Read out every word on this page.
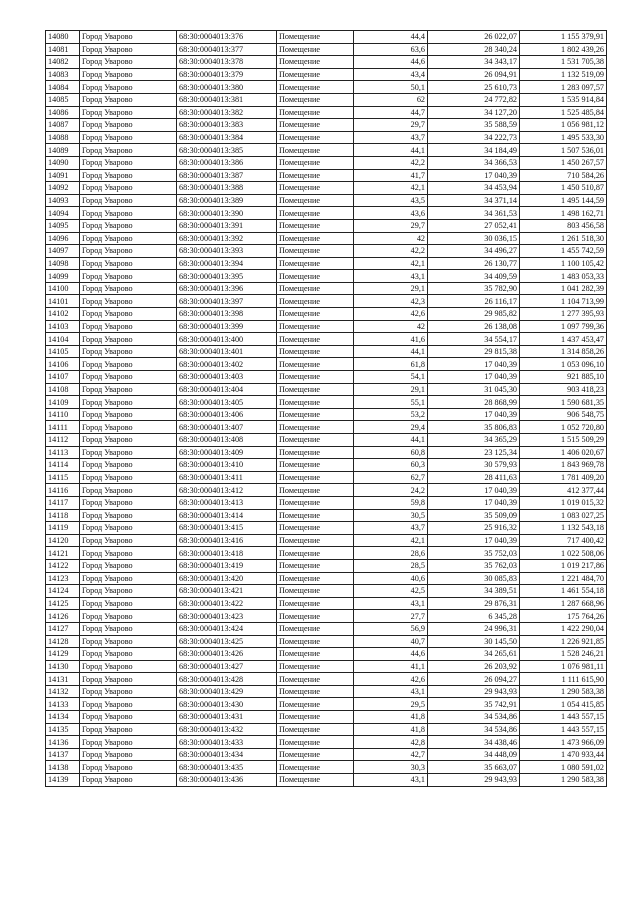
14080	Город Уварово	68:30:0004013:376	Помещение	44,4	26 022,07	1 155 379,91
14081	Город Уварово	68:30:0004013:377	Помещение	63,6	28 340,24	1 802 439,26
14082	Город Уварово	68:30:0004013:378	Помещение	44,6	34 343,17	1 531 705,38
14083	Город Уварово	68:30:0004013:379	Помещение	43,4	26 094,91	1 132 519,09
14084	Город Уварово	68:30:0004013:380	Помещение	50,1	25 610,73	1 283 097,57
14085	Город Уварово	68:30:0004013:381	Помещение	62	24 772,82	1 535 914,84
14086	Город Уварово	68:30:0004013:382	Помещение	44,7	34 127,20	1 525 485,84
14087	Город Уварово	68:30:0004013:383	Помещение	29,7	35 588,59	1 056 981,12
14088	Город Уварово	68:30:0004013:384	Помещение	43,7	34 222,73	1 495 533,30
14089	Город Уварово	68:30:0004013:385	Помещение	44,1	34 184,49	1 507 536,01
14090	Город Уварово	68:30:0004013:386	Помещение	42,2	34 366,53	1 450 267,57
14091	Город Уварово	68:30:0004013:387	Помещение	41,7	17 040,39	710 584,26
14092	Город Уварово	68:30:0004013:388	Помещение	42,1	34 453,94	1 450 510,87
14093	Город Уварово	68:30:0004013:389	Помещение	43,5	34 371,14	1 495 144,59
14094	Город Уварово	68:30:0004013:390	Помещение	43,6	34 361,53	1 498 162,71
14095	Город Уварово	68:30:0004013:391	Помещение	29,7	27 052,41	803 456,58
14096	Город Уварово	68:30:0004013:392	Помещение	42	30 036,15	1 261 518,30
14097	Город Уварово	68:30:0004013:393	Помещение	42,2	34 496,27	1 455 742,59
14098	Город Уварово	68:30:0004013:394	Помещение	42,1	26 130,77	1 100 105,42
14099	Город Уварово	68:30:0004013:395	Помещение	43,1	34 409,59	1 483 053,33
14100	Город Уварово	68:30:0004013:396	Помещение	29,1	35 782,90	1 041 282,39
14101	Город Уварово	68:30:0004013:397	Помещение	42,3	26 116,17	1 104 713,99
14102	Город Уварово	68:30:0004013:398	Помещение	42,6	29 985,82	1 277 395,93
14103	Город Уварово	68:30:0004013:399	Помещение	42	26 138,08	1 097 799,36
14104	Город Уварово	68:30:0004013:400	Помещение	41,6	34 554,17	1 437 453,47
14105	Город Уварово	68:30:0004013:401	Помещение	44,1	29 815,38	1 314 858,26
14106	Город Уварово	68:30:0004013:402	Помещение	61,8	17 040,39	1 053 096,10
14107	Город Уварово	68:30:0004013:403	Помещение	54,1	17 040,39	921 885,10
14108	Город Уварово	68:30:0004013:404	Помещение	29,1	31 045,30	903 418,23
14109	Город Уварово	68:30:0004013:405	Помещение	55,1	28 868,99	1 590 681,35
14110	Город Уварово	68:30:0004013:406	Помещение	53,2	17 040,39	906 548,75
14111	Город Уварово	68:30:0004013:407	Помещение	29,4	35 806,83	1 052 720,80
14112	Город Уварово	68:30:0004013:408	Помещение	44,1	34 365,29	1 515 509,29
14113	Город Уварово	68:30:0004013:409	Помещение	60,8	23 125,34	1 406 020,67
14114	Город Уварово	68:30:0004013:410	Помещение	60,3	30 579,93	1 843 969,78
14115	Город Уварово	68:30:0004013:411	Помещение	62,7	28 411,63	1 781 409,20
14116	Город Уварово	68:30:0004013:412	Помещение	24,2	17 040,39	412 377,44
14117	Город Уварово	68:30:0004013:413	Помещение	59,8	17 040,39	1 019 015,32
14118	Город Уварово	68:30:0004013:414	Помещение	30,5	35 509,09	1 083 027,25
14119	Город Уварово	68:30:0004013:415	Помещение	43,7	25 916,32	1 132 543,18
14120	Город Уварово	68:30:0004013:416	Помещение	42,1	17 040,39	717 400,42
14121	Город Уварово	68:30:0004013:418	Помещение	28,6	35 752,03	1 022 508,06
14122	Город Уварово	68:30:0004013:419	Помещение	28,5	35 762,03	1 019 217,86
14123	Город Уварово	68:30:0004013:420	Помещение	40,6	30 085,83	1 221 484,70
14124	Город Уварово	68:30:0004013:421	Помещение	42,5	34 389,51	1 461 554,18
14125	Город Уварово	68:30:0004013:422	Помещение	43,1	29 876,31	1 287 668,96
14126	Город Уварово	68:30:0004013:423	Помещение	27,7	6 345,28	175 764,26
14127	Город Уварово	68:30:0004013:424	Помещение	56,9	24 996,31	1 422 290,04
14128	Город Уварово	68:30:0004013:425	Помещение	40,7	30 145,50	1 226 921,85
14129	Город Уварово	68:30:0004013:426	Помещение	44,6	34 265,61	1 528 246,21
14130	Город Уварово	68:30:0004013:427	Помещение	41,1	26 203,92	1 076 981,11
14131	Город Уварово	68:30:0004013:428	Помещение	42,6	26 094,27	1 111 615,90
14132	Город Уварово	68:30:0004013:429	Помещение	43,1	29 943,93	1 290 583,38
14133	Город Уварово	68:30:0004013:430	Помещение	29,5	35 742,91	1 054 415,85
14134	Город Уварово	68:30:0004013:431	Помещение	41,8	34 534,86	1 443 557,15
14135	Город Уварово	68:30:0004013:432	Помещение	41,8	34 534,86	1 443 557,15
14136	Город Уварово	68:30:0004013:433	Помещение	42,8	34 438,46	1 473 966,09
14137	Город Уварово	68:30:0004013:434	Помещение	42,7	34 448,09	1 470 933,44
14138	Город Уварово	68:30:0004013:435	Помещение	30,3	35 663,07	1 080 591,02
14139	Город Уварово	68:30:0004013:436	Помещение	43,1	29 943,93	1 290 583,38
